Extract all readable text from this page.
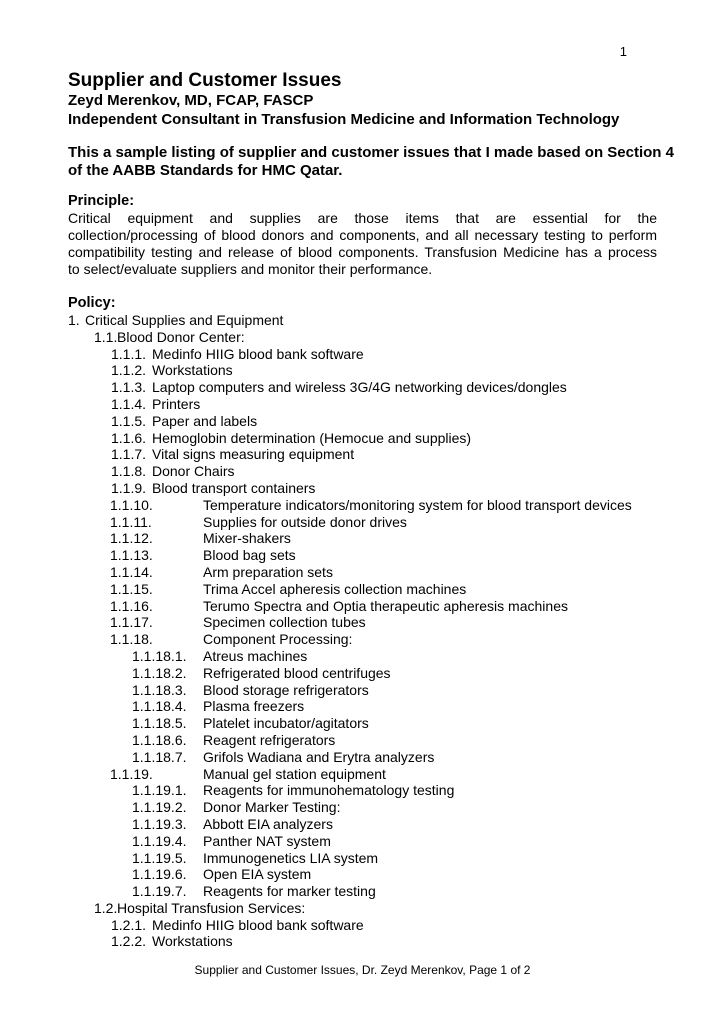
1
Supplier and Customer Issues
Zeyd Merenkov, MD, FCAP, FASCP
Independent Consultant in Transfusion Medicine and Information Technology
This a sample listing of supplier and customer issues that I made based on Section 4
of the AABB Standards for HMC Qatar.
Principle:
Critical equipment and supplies are those items that are essential for the
collection/processing of blood donors and components, and all necessary testing to perform
compatibility testing and release of blood components. Transfusion Medicine has a process
to select/evaluate suppliers and monitor their performance.
Policy:
1. Critical Supplies and Equipment
1.1. Blood Donor Center:
1.1.1. Medinfo HIIG blood bank software
1.1.2. Workstations
1.1.3. Laptop computers and wireless 3G/4G networking devices/dongles
1.1.4. Printers
1.1.5. Paper and labels
1.1.6. Hemoglobin determination (Hemocue and supplies)
1.1.7. Vital signs measuring equipment
1.1.8. Donor Chairs
1.1.9. Blood transport containers
1.1.10.	Temperature indicators/monitoring system for blood transport devices
1.1.11.	Supplies for outside donor drives
1.1.12.	Mixer-shakers
1.1.13.	Blood bag sets
1.1.14.	Arm preparation sets
1.1.15.	Trima Accel apheresis collection machines
1.1.16.	Terumo Spectra and Optia therapeutic apheresis machines
1.1.17.	Specimen collection tubes
1.1.18.	Component Processing:
1.1.18.1. Atreus machines
1.1.18.2. Refrigerated blood centrifuges
1.1.18.3. Blood storage refrigerators
1.1.18.4. Plasma freezers
1.1.18.5. Platelet incubator/agitators
1.1.18.6. Reagent refrigerators
1.1.18.7. Grifols Wadiana and Erytra analyzers
1.1.19.	Manual gel station equipment
1.1.19.1. Reagents for immunohematology testing
1.1.19.2. Donor Marker Testing:
1.1.19.3. Abbott EIA analyzers
1.1.19.4. Panther NAT system
1.1.19.5. Immunogenetics LIA system
1.1.19.6. Open EIA system
1.1.19.7. Reagents for marker testing
1.2. Hospital Transfusion Services:
1.2.1. Medinfo HIIG blood bank software
1.2.2. Workstations
Supplier and Customer Issues, Dr. Zeyd Merenkov, Page 1 of 2
